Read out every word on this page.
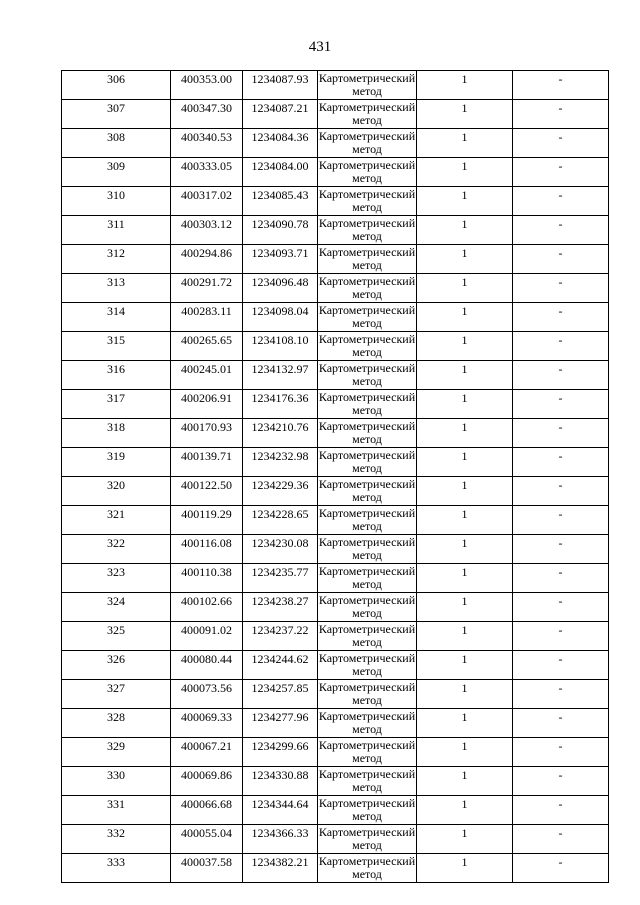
431
306	400353.00	1234087.93	Картометрический метод	1	-
307	400347.30	1234087.21	Картометрический метод	1	-
308	400340.53	1234084.36	Картометрический метод	1	-
309	400333.05	1234084.00	Картометрический метод	1	-
310	400317.02	1234085.43	Картометрический метод	1	-
311	400303.12	1234090.78	Картометрический метод	1	-
312	400294.86	1234093.71	Картометрический метод	1	-
313	400291.72	1234096.48	Картометрический метод	1	-
314	400283.11	1234098.04	Картометрический метод	1	-
315	400265.65	1234108.10	Картометрический метод	1	-
316	400245.01	1234132.97	Картометрический метод	1	-
317	400206.91	1234176.36	Картометрический метод	1	-
318	400170.93	1234210.76	Картометрический метод	1	-
319	400139.71	1234232.98	Картометрический метод	1	-
320	400122.50	1234229.36	Картометрический метод	1	-
321	400119.29	1234228.65	Картометрический метод	1	-
322	400116.08	1234230.08	Картометрический метод	1	-
323	400110.38	1234235.77	Картометрический метод	1	-
324	400102.66	1234238.27	Картометрический метод	1	-
325	400091.02	1234237.22	Картометрический метод	1	-
326	400080.44	1234244.62	Картометрический метод	1	-
327	400073.56	1234257.85	Картометрический метод	1	-
328	400069.33	1234277.96	Картометрический метод	1	-
329	400067.21	1234299.66	Картометрический метод	1	-
330	400069.86	1234330.88	Картометрический метод	1	-
331	400066.68	1234344.64	Картометрический метод	1	-
332	400055.04	1234366.33	Картометрический метод	1	-
333	400037.58	1234382.21	Картометрический метод	1	-
